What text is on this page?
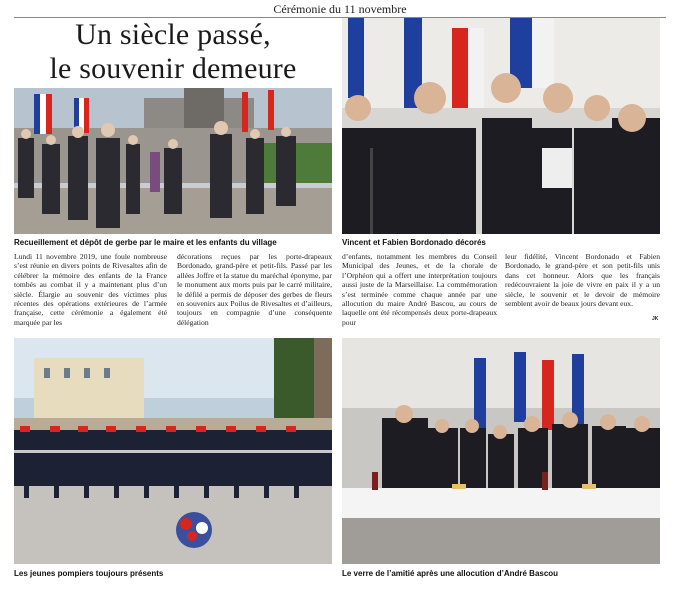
Cérémonie du 11 novembre
Un siècle passé,
le souvenir demeure
Recueillement et dépôt de gerbe par le maire et les enfants du village	Vincent et Fabien Bordonado décorés
Lundi 11 novembre 2019, une foule nombreuse s’est réunie en divers points de Rivesaltes afin de célébrer la mémoire des enfants de la France tombés au combat il y a maintenant plus d’un siècle. Élargie au souvenir des victimes plus récentes des opérations extérieures de l’armée française, cette cérémonie a également été marquée par les
décorations reçues par les porte-drapeaux Bordonado, grand-père et petit-fils. Passé par les allées Joffre et la statue du maréchal éponyme, par le monument aux morts puis par le carré militaire, le défilé a permis de déposer des gerbes de fleurs en souvenirs aux Poilus de Rivesaltes et d’ailleurs, toujours en compagnie d’une conséquente délégation
d’enfants, notamment les membres du Conseil Municipal des Jeunes, et de la chorale de l’Orphéon qui a offert une interprétation toujours aussi juste de la Marseillaise. La commémoration s’est terminée comme chaque année par une allocution du maire André Bascou, au cours de laquelle ont été récompensés deux porte-drapeaux pour
leur fidélité, Vincent Bordonado et Fabien Bordonado, le grand-père et son petit-fils unis dans cet honneur. Alors que les français redécouvraient la joie de vivre en paix il y a un siècle, le souvenir et le devoir de mémoire semblent avoir de beaux jours devant eux.
JK
Les jeunes pompiers toujours présents	Le verre de l’amitié après une allocution d’André Bascou
